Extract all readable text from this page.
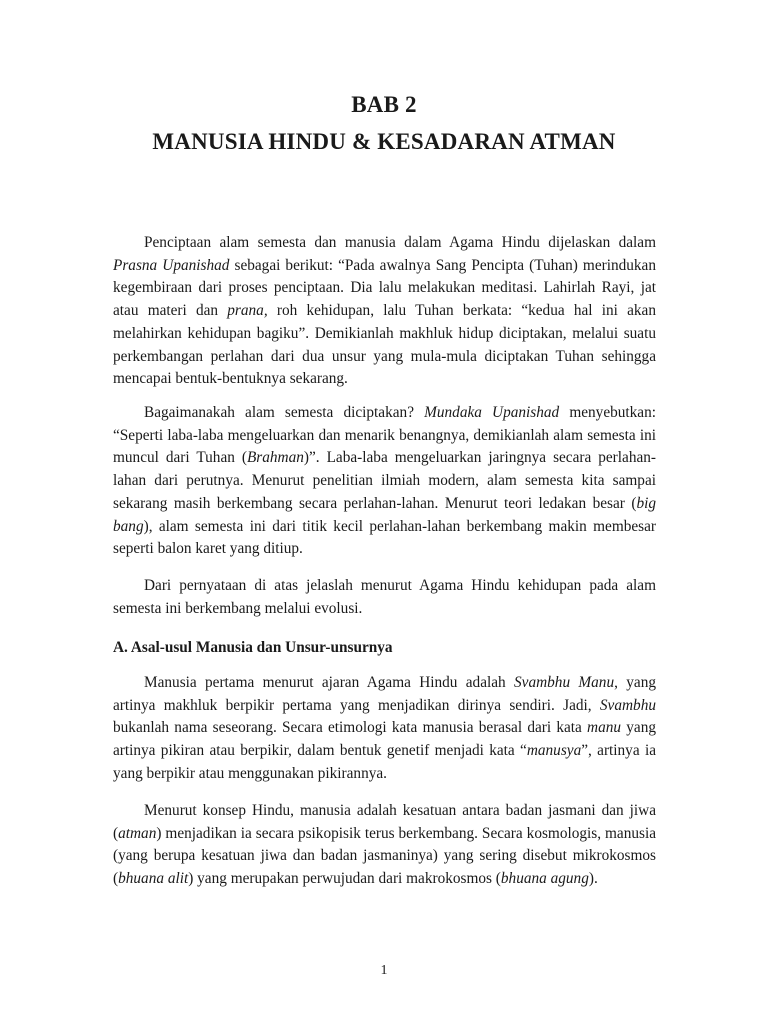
BAB 2
MANUSIA HINDU & KESADARAN ATMAN

Penciptaan alam semesta dan manusia dalam Agama Hindu dijelaskan dalam Prasna Upanishad sebagai berikut: “Pada awalnya Sang Pencipta (Tuhan) merindukan kegembiraan dari proses penciptaan. Dia lalu melakukan meditasi. Lahirlah Rayi, jat atau materi dan prana, roh kehidupan, lalu Tuhan berkata: “kedua hal ini akan melahirkan kehidupan bagiku”. Demikianlah makhluk hidup diciptakan, melalui suatu perkembangan perlahan dari dua unsur yang mula-mula diciptakan Tuhan sehingga mencapai bentuk-bentuknya sekarang.

Bagaimanakah alam semesta diciptakan? Mundaka Upanishad menyebutkan: “Seperti laba-laba mengeluarkan dan menarik benangnya, demikianlah alam semesta ini muncul dari Tuhan (Brahman)”. Laba-laba mengeluarkan jaringnya secara perlahan-lahan dari perutnya. Menurut penelitian ilmiah modern, alam semesta kita sampai sekarang masih berkembang secara perlahan-lahan. Menurut teori ledakan besar (big bang), alam semesta ini dari titik kecil perlahan-lahan berkembang makin membesar seperti balon karet yang ditiup.

Dari pernyataan di atas jelaslah menurut Agama Hindu kehidupan pada alam semesta ini berkembang melalui evolusi.

A. Asal-usul Manusia dan Unsur-unsurnya

Manusia pertama menurut ajaran Agama Hindu adalah Svambhu Manu, yang artinya makhluk berpikir pertama yang menjadikan dirinya sendiri. Jadi, Svambhu bukanlah nama seseorang. Secara etimologi kata manusia berasal dari kata manu yang artinya pikiran atau berpikir, dalam bentuk genetif menjadi kata “manusya”, artinya ia yang berpikir atau menggunakan pikirannya.

Menurut konsep Hindu, manusia adalah kesatuan antara badan jasmani dan jiwa (atman) menjadikan ia secara psikopisik terus berkembang. Secara kosmologis, manusia (yang berupa kesatuan jiwa dan badan jasmaninya) yang sering disebut mikrokosmos (bhuana alit) yang merupakan perwujudan dari makrokosmos (bhuana agung).

1
